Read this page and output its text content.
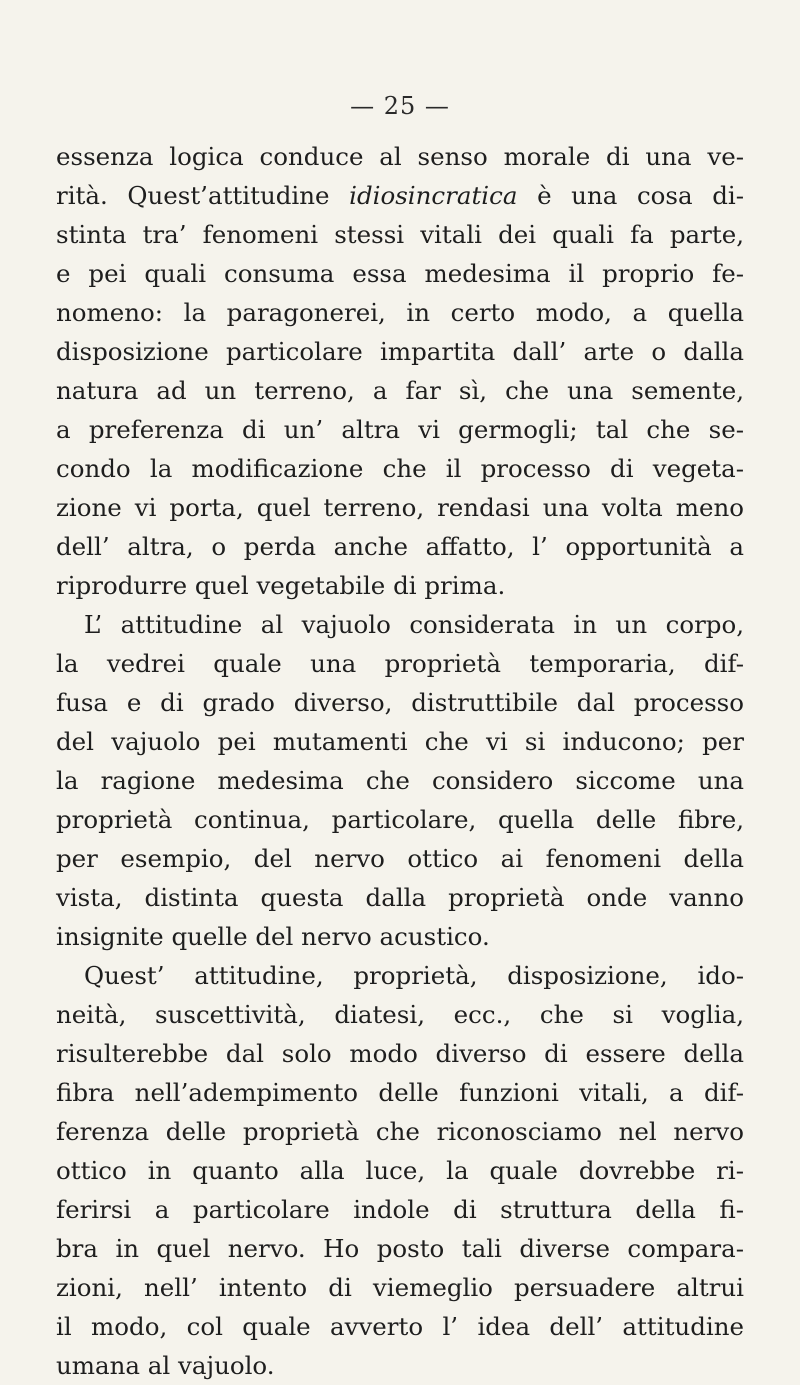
— 25 —
essenza logica conduce al senso morale di una ve-
rità. Quest’attitudine idiosincratica è una cosa di-
stinta tra’ fenomeni stessi vitali dei quali fa parte,
e pei quali consuma essa medesima il proprio fe-
nomeno: la paragonerei, in certo modo, a quella
disposizione particolare impartita dall’ arte o dalla
natura ad un terreno, a far sì, che una semente,
a preferenza di un’ altra vi germogli; tal che se-
condo la modificazione che il processo di vegeta-
zione vi porta, quel terreno, rendasi una volta meno
dell’ altra, o perda anche affatto, l’ opportunità a
riprodurre quel vegetabile di prima.
L’ attitudine al vajuolo considerata in un corpo,
la vedrei quale una proprietà temporaria, dif-
fusa e di grado diverso, distruttibile dal processo
del vajuolo pei mutamenti che vi si inducono; per
la ragione medesima che considero siccome una
proprietà continua, particolare, quella delle fibre,
per esempio, del nervo ottico ai fenomeni della
vista, distinta questa dalla proprietà onde vanno
insignite quelle del nervo acustico.
Quest’ attitudine, proprietà, disposizione, ido-
neità, suscettività, diatesi, ecc., che si voglia,
risulterebbe dal solo modo diverso di essere della
fibra nell’adempimento delle funzioni vitali, a dif-
ferenza delle proprietà che riconosciamo nel nervo
ottico in quanto alla luce, la quale dovrebbe ri-
ferirsi a particolare indole di struttura della fi-
bra in quel nervo. Ho posto tali diverse compara-
zioni, nell’ intento di viemeglio persuadere altrui
il modo, col quale avverto l’ idea dell’ attitudine
umana al vajuolo.
